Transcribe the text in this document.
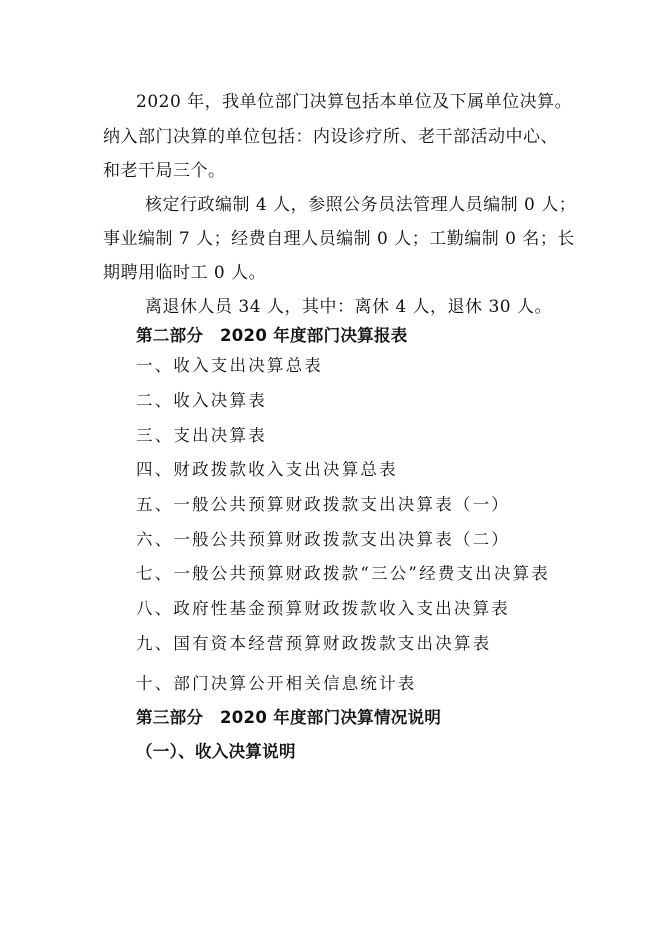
2020 年，我单位部门决算包括本单位及下属单位决算。
纳入部门决算的单位包括：内设诊疗所、老干部活动中心、
和老干局三个。
核定行政编制 4 人，参照公务员法管理人员编制 0 人；
事业编制 7 人；经费自理人员编制 0 人；工勤编制 0 名；长
期聘用临时工 0 人。
离退休人员 34 人，其中：离休 4 人，退休 30 人。
第二部分　2020 年度部门决算报表
一、收入支出决算总表
二、收入决算表
三、支出决算表
四、财政拨款收入支出决算总表
五、一般公共预算财政拨款支出决算表（一）
六、一般公共预算财政拨款支出决算表（二）
七、一般公共预算财政拨款“三公”经费支出决算表
八、政府性基金预算财政拨款收入支出决算表
九、国有资本经营预算财政拨款支出决算表
十、部门决算公开相关信息统计表
第三部分　2020 年度部门决算情况说明
（一）、收入决算说明
